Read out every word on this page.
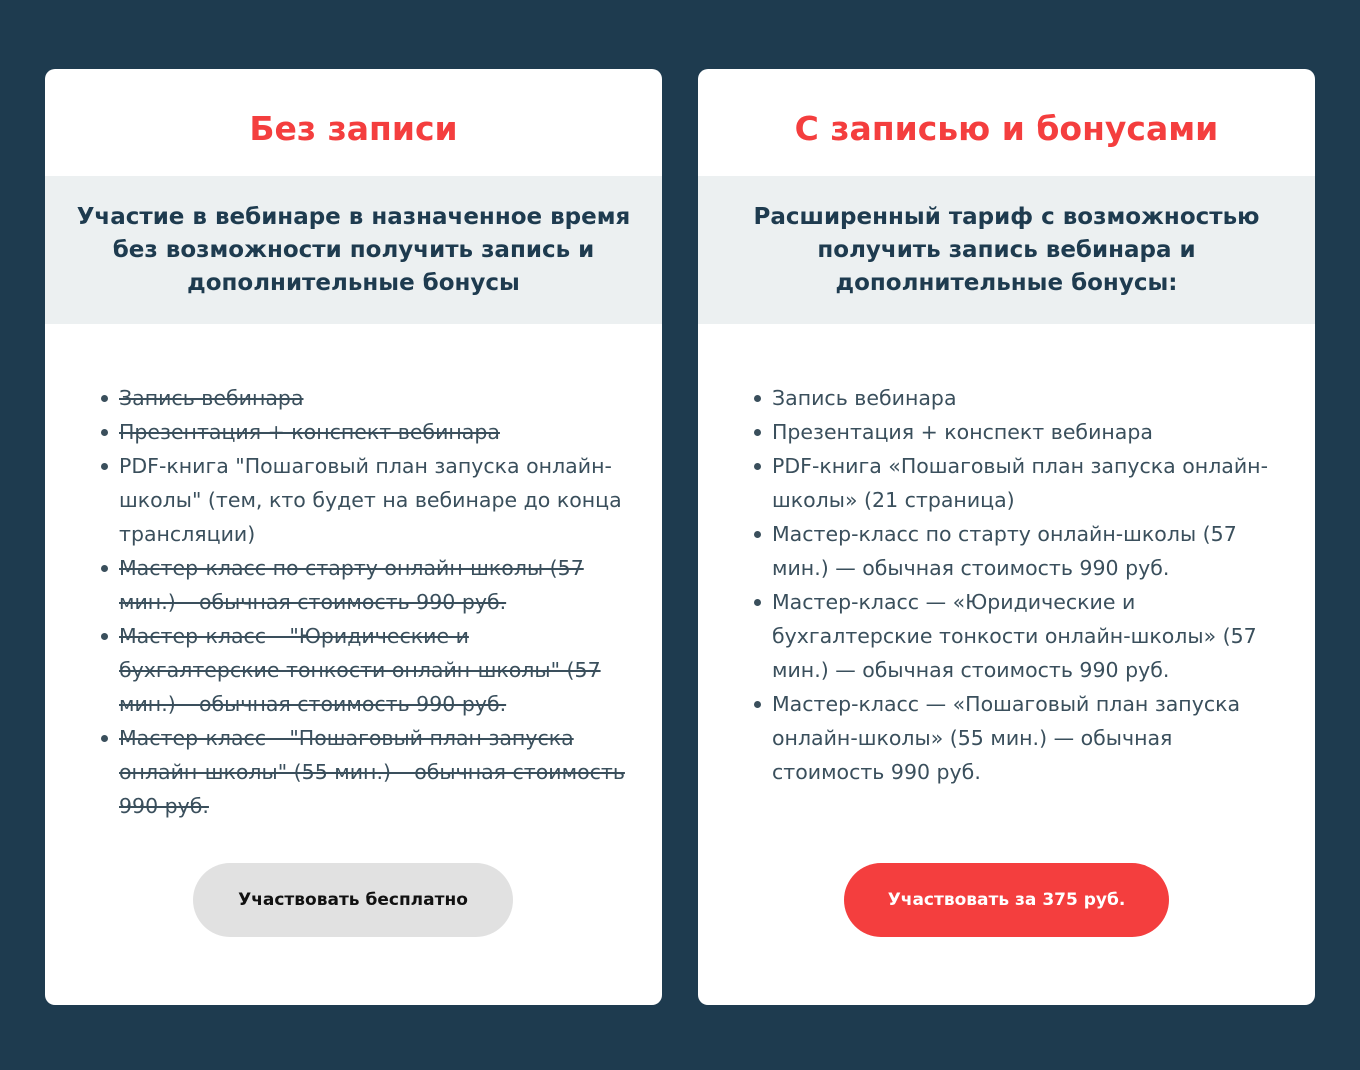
Без записи
Участие в вебинаре в назначенное время без возможности получить запись и дополнительные бонусы
Запись вебинара
Презентация + конспект вебинара
PDF-книга "Пошаговый план запуска онлайн-школы" (тем, кто будет на вебинаре до конца трансляции)
Мастер-класс по старту онлайн-школы (57 мин.) – обычная стоимость 990 руб.
Мастер-класс – "Юридические и бухгалтерские тонкости онлайн-школы" (57 мин.) – обычная стоимость 990 руб.
Мастер-класс – "Пошаговый план запуска онлайн-школы" (55 мин.) – обычная стоимость 990 руб.
Участвовать бесплатно
С записью и бонусами
Расширенный тариф с возможностью получить запись вебинара и дополнительные бонусы:
Запись вебинара
Презентация + конспект вебинара
PDF-книга «Пошаговый план запуска онлайн-школы» (21 страница)
Мастер-класс по старту онлайн-школы (57 мин.) — обычная стоимость 990 руб.
Мастер-класс — «Юридические и бухгалтерские тонкости онлайн-школы» (57 мин.) — обычная стоимость 990 руб.
Мастер-класс — «Пошаговый план запуска онлайн-школы» (55 мин.) — обычная стоимость 990 руб.
Участвовать за 375 руб.
